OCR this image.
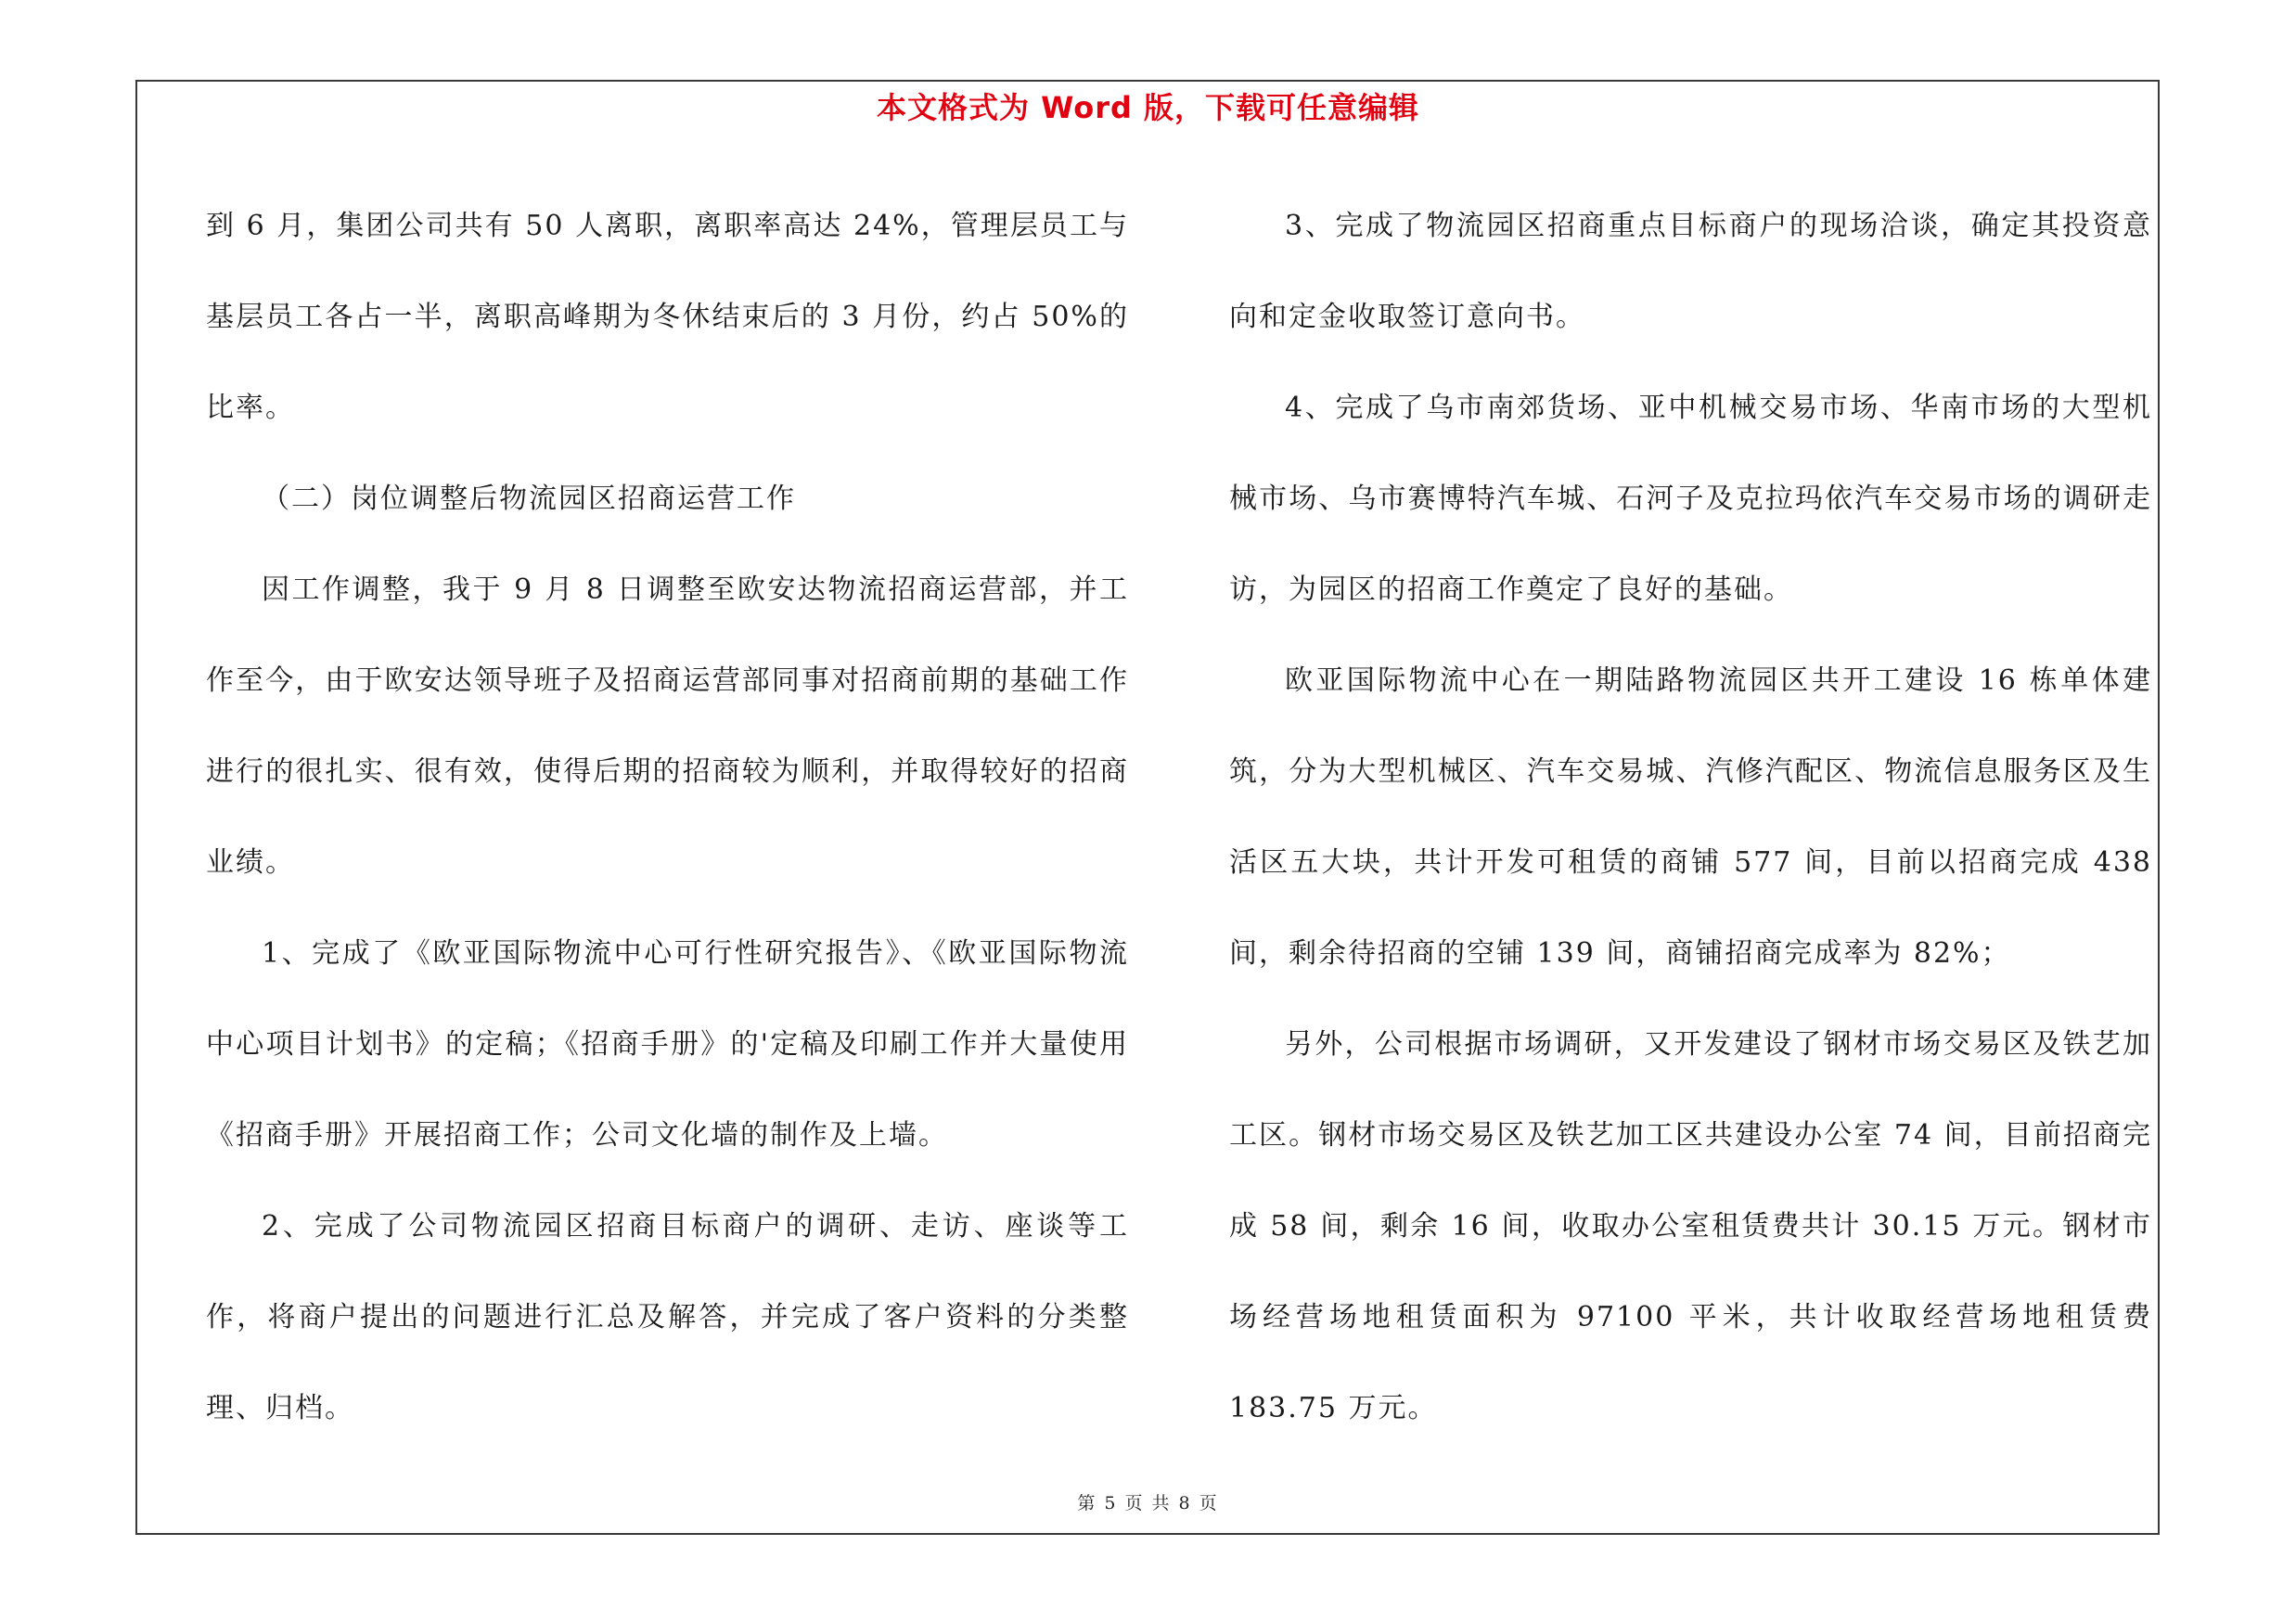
本文格式为 Word 版，下载可任意编辑

到 6 月，集团公司共有 50 人离职，离职率高达 24%，管理层员工与基层员工各占一半，离职高峰期为冬休结束后的 3 月份，约占 50%的比率。

（二）岗位调整后物流园区招商运营工作

因工作调整，我于 9 月 8 日调整至欧安达物流招商运营部，并工作至今，由于欧安达领导班子及招商运营部同事对招商前期的基础工作进行的很扎实、很有效，使得后期的招商较为顺利，并取得较好的招商业绩。

1、完成了《欧亚国际物流中心可行性研究报告》、《欧亚国际物流中心项目计划书》的定稿；《招商手册》的'定稿及印刷工作并大量使用《招商手册》开展招商工作；公司文化墙的制作及上墙。

2、完成了公司物流园区招商目标商户的调研、走访、座谈等工作，将商户提出的问题进行汇总及解答，并完成了客户资料的分类整理、归档。

3、完成了物流园区招商重点目标商户的现场洽谈，确定其投资意向和定金收取签订意向书。

4、完成了乌市南郊货场、亚中机械交易市场、华南市场的大型机械市场、乌市赛博特汽车城、石河子及克拉玛依汽车交易市场的调研走访，为园区的招商工作奠定了良好的基础。

欧亚国际物流中心在一期陆路物流园区共开工建设 16 栋单体建筑，分为大型机械区、汽车交易城、汽修汽配区、物流信息服务区及生活区五大块，共计开发可租赁的商铺 577 间，目前以招商完成 438 间，剩余待招商的空铺 139 间，商铺招商完成率为 82%；

另外，公司根据市场调研，又开发建设了钢材市场交易区及铁艺加工区。钢材市场交易区及铁艺加工区共建设办公室 74 间，目前招商完成 58 间，剩余 16 间，收取办公室租赁费共计 30.15 万元。钢材市场经营场地租赁面积为 97100 平米，共计收取经营场地租赁费 183.75 万元。

第 5 页 共 8 页
